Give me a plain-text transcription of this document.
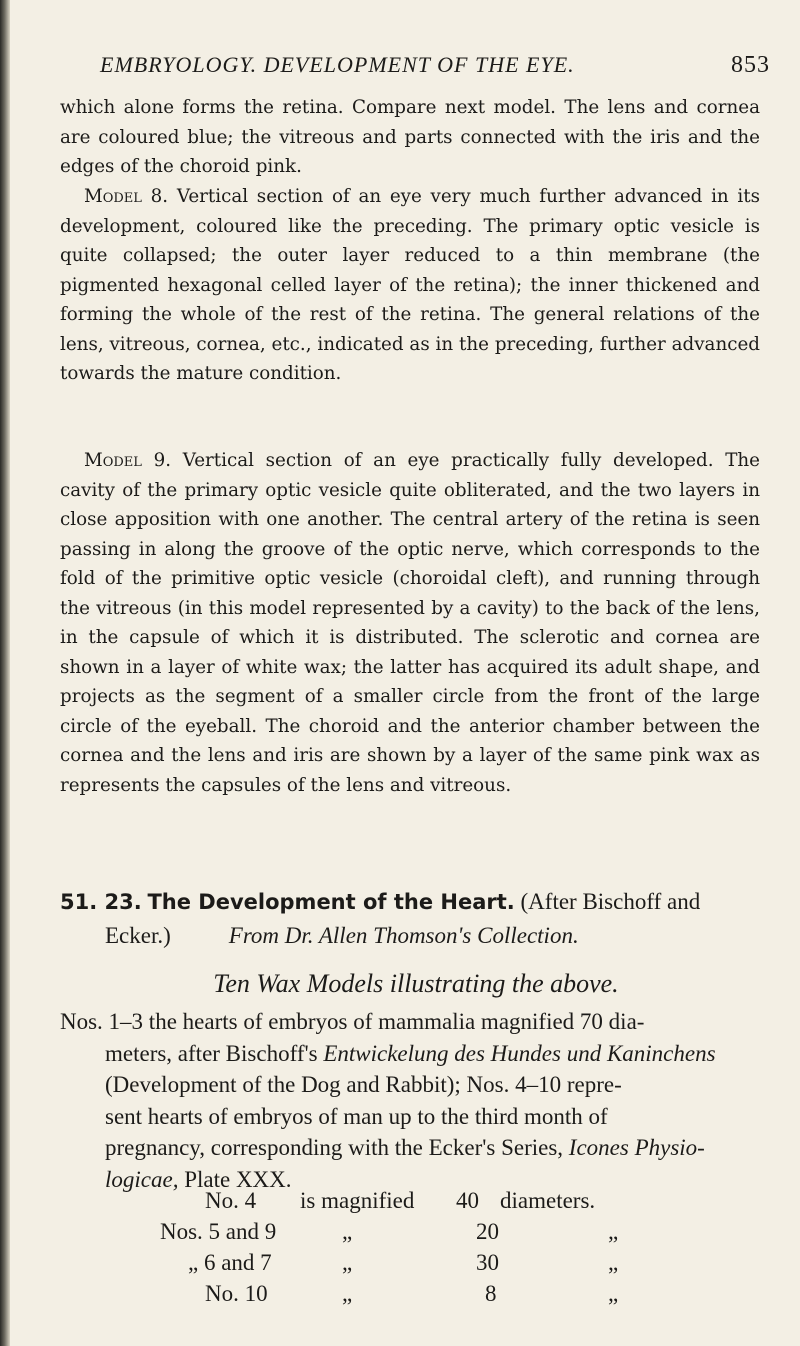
EMBRYOLOGY. DEVELOPMENT OF THE EYE.	853

which alone forms the retina. Compare next model. The lens and cornea are coloured blue; the vitreous and parts connected with the iris and the edges of the choroid pink.

Model 8. Vertical section of an eye very much further advanced in its development, coloured like the preceding. The primary optic vesicle is quite collapsed; the outer layer reduced to a thin membrane (the pigmented hexagonal celled layer of the retina); the inner thickened and forming the whole of the rest of the retina. The general relations of the lens, vitreous, cornea, etc., indicated as in the preceding, further advanced towards the mature condition.

Model 9. Vertical section of an eye practically fully developed. The cavity of the primary optic vesicle quite obliterated, and the two layers in close apposition with one another. The central artery of the retina is seen passing in along the groove of the optic nerve, which corresponds to the fold of the primitive optic vesicle (choroidal cleft), and running through the vitreous (in this model represented by a cavity) to the back of the lens, in the capsule of which it is distributed. The sclerotic and cornea are shown in a layer of white wax; the latter has acquired its adult shape, and projects as the segment of a smaller circle from the front of the large circle of the eyeball. The choroid and the anterior chamber between the cornea and the lens and iris are shown by a layer of the same pink wax as represents the capsules of the lens and vitreous.

51. 23. The Development of the Heart. (After Bischoff and
Ecker.)	From Dr. Allen Thomson's Collection.
Ten Wax Models illustrating the above.
Nos. 1–3 the hearts of embryos of mammalia magnified 70 dia-
meters, after Bischoff's Entwickelung des Hundes und Kaninchens
(Development of the Dog and Rabbit); Nos. 4–10 repre-
sent hearts of embryos of man up to the third month of
pregnancy, corresponding with the Ecker's Series, Icones Physio-
logicae, Plate XXX.
No. 4 is magnified 40 diameters.
Nos. 5 and 9	„	20	„
„ 6 and 7	„	30	„
No. 10	„	8	„
